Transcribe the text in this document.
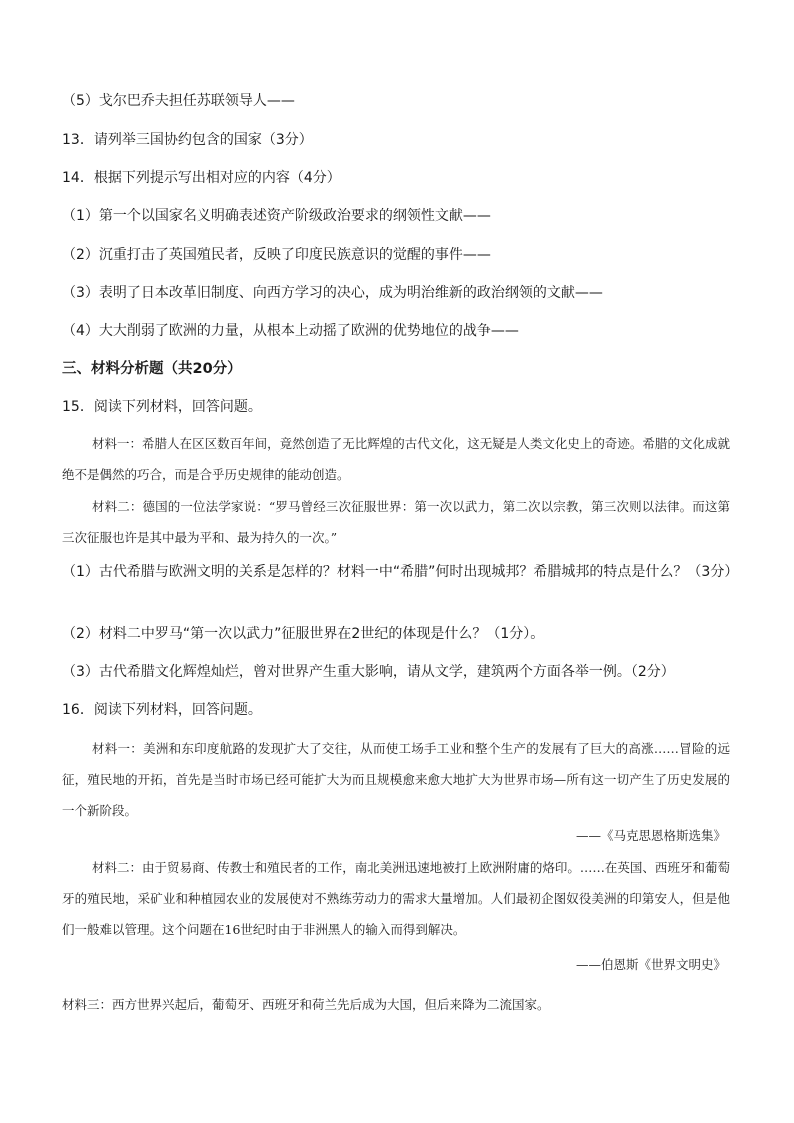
（5）戈尔巴乔夫担任苏联领导人——
13．请列举三国协约包含的国家（3分）
14．根据下列提示写出相对应的内容（4分）
（1）第一个以国家名义明确表述资产阶级政治要求的纲领性文献——
（2）沉重打击了英国殖民者，反映了印度民族意识的觉醒的事件——
（3）表明了日本改革旧制度、向西方学习的决心，成为明治维新的政治纲领的文献——
（4）大大削弱了欧洲的力量，从根本上动摇了欧洲的优势地位的战争——
三、材料分析题（共20分）
15．阅读下列材料，回答问题。
材料一：希腊人在区区数百年间，竟然创造了无比辉煌的古代文化，这无疑是人类文化史上的奇迹。希腊的文化成就绝不是偶然的巧合，而是合乎历史规律的能动创造。
材料二：德国的一位法学家说：“罗马曾经三次征服世界：第一次以武力，第二次以宗教，第三次则以法律。而这第三次征服也许是其中最为平和、最为持久的一次。”
（1）古代希腊与欧洲文明的关系是怎样的？材料一中“希腊”何时出现城邦？希腊城邦的特点是什么？（3分）
（2）材料二中罗马“第一次以武力”征服世界在2世纪的体现是什么？（1分）。
（3）古代希腊文化辉煌灿烂，曾对世界产生重大影响，请从文学，建筑两个方面各举一例。（2分）
16．阅读下列材料，回答问题。
材料一：美洲和东印度航路的发现扩大了交往，从而使工场手工业和整个生产的发展有了巨大的高涨……冒险的远征，殖民地的开拓，首先是当时市场已经可能扩大为而且规模愈来愈大地扩大为世界市场—所有这一切产生了历史发展的一个新阶段。
——《马克思恩格斯选集》
材料二：由于贸易商、传教士和殖民者的工作，南北美洲迅速地被打上欧洲附庸的烙印。……在英国、西班牙和葡萄牙的殖民地，采矿业和种植园农业的发展使对不熟练劳动力的需求大量增加。人们最初企图奴役美洲的印第安人，但是他们一般难以管理。这个问题在16世纪时由于非洲黑人的输入而得到解决。
——伯恩斯《世界文明史》
材料三：西方世界兴起后，葡萄牙、西班牙和荷兰先后成为大国，但后来降为二流国家。
